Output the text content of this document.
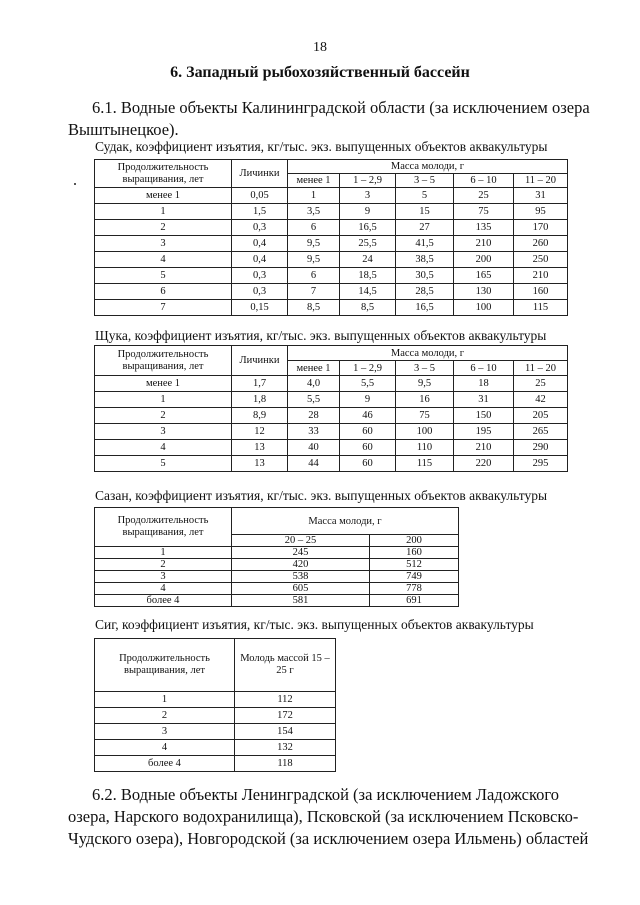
18
6. Западный рыбохозяйственный бассейн
6.1. Водные объекты Калининградской области (за исключением озера
Выштынецкое).
Судак, коэффициент изъятия, кг/тыс. экз. выпущенных объектов аквакультуры
Продолжительность выращивания, лет	Личинки	Масса молоди, г				
		менее 1	1 – 2,9	3 – 5	6 – 10	11 – 20
менее 1	0,05	1	3	5	25	31
1	1,5	3,5	9	15	75	95
2	0,3	6	16,5	27	135	170
3	0,4	9,5	25,5	41,5	210	260
4	0,4	9,5	24	38,5	200	250
5	0,3	6	18,5	30,5	165	210
6	0,3	7	14,5	28,5	130	160
7	0,15	8,5	8,5	16,5	100	115
Щука, коэффициент изъятия, кг/тыс. экз. выпущенных объектов аквакультуры
Продолжительность выращивания, лет	Личинки	Масса молоди, г				
		менее 1	1 – 2,9	3 – 5	6 – 10	11 – 20
менее 1	1,7	4,0	5,5	9,5	18	25
1	1,8	5,5	9	16	31	42
2	8,9	28	46	75	150	205
3	12	33	60	100	195	265
4	13	40	60	110	210	290
5	13	44	60	115	220	295
Сазан, коэффициент изъятия, кг/тыс. экз. выпущенных объектов аквакультуры
Продолжительность выращивания, лет	Масса молоди, г	
	20 – 25	200
1	245	160
2	420	512
3	538	749
4	605	778
более 4	581	691
Сиг, коэффициент изъятия, кг/тыс. экз. выпущенных объектов аквакультуры
Продолжительность выращивания, лет	Молодь массой 15 – 25 г
1	112
2	172
3	154
4	132
более 4	118
6.2. Водные объекты Ленинградской (за исключением Ладожского
озера, Нарского водохранилища), Псковской (за исключением Псковско-
Чудского озера), Новгородской (за исключением озера Ильмень) областей
